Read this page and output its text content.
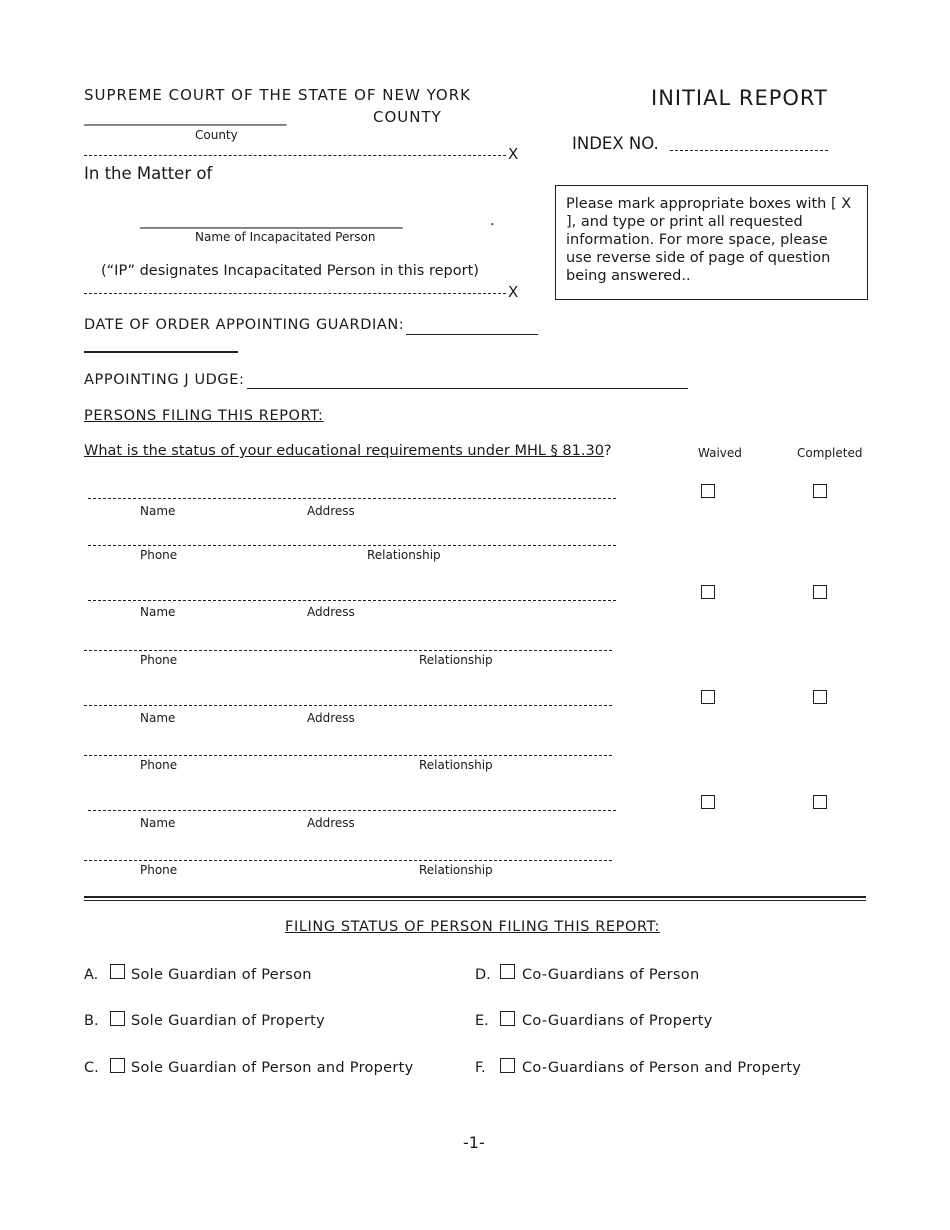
SUPREME COURT OF THE STATE OF NEW YORK
___________________________	COUNTY
County
INITIAL REPORT
INDEX NO.
X
In the Matter of
___________________________________	.
Name of Incapacitated Person
(“IP” designates Incapacitated Person in this report)
X
Please mark appropriate boxes with [ X ], and type or print all requested information. For more space, please use reverse side of page of question being answered..
DATE OF ORDER APPOINTING GUARDIAN:
APPOINTING J UDGE:
PERSONS FILING THIS REPORT:
What is the status of your educational requirements under MHL § 81.30?	Waived	Completed
Name	Address
Phone	Relationship
Name	Address
Phone	Relationship
Name	Address
Phone	Relationship
Name	Address
Phone	Relationship
FILING STATUS OF PERSON FILING THIS REPORT:
A. Sole Guardian of Person
B. Sole Guardian of Property
C. Sole Guardian of Person and Property
D. Co-Guardians of Person
E. Co-Guardians of Property
F.	Co-Guardians of Person and Property
-1-
